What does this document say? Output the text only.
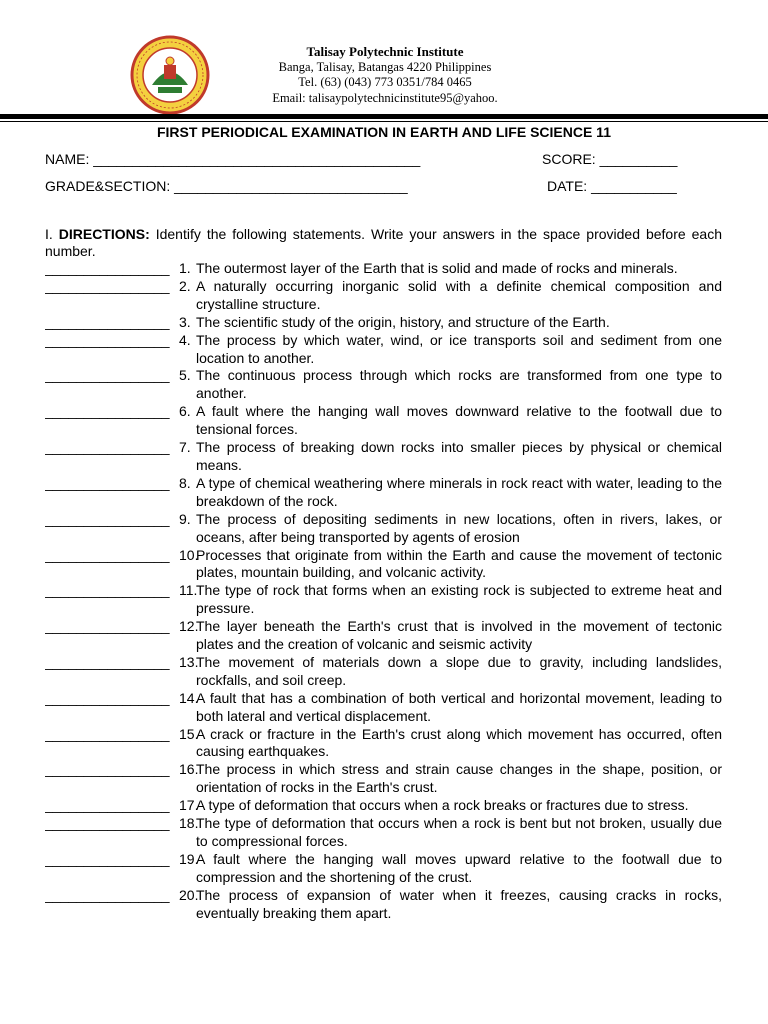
Talisay Polytechnic Institute
Banga, Talisay, Batangas 4220 Philippines
Tel. (63) (043) 773 0351/784 0465
Email: talisaypolytechnicinstitute95@yahoo.
FIRST PERIODICAL EXAMINATION IN EARTH AND LIFE SCIENCE 11
NAME: __________________________________________	SCORE: __________
GRADE&SECTION: ______________________________	DATE: ___________
I. DIRECTIONS: Identify the following statements. Write your answers in the space provided before each number.
________________ 1. The outermost layer of the Earth that is solid and made of rocks and minerals.
________________ 2. A naturally occurring inorganic solid with a definite chemical composition and crystalline structure.
________________ 3. The scientific study of the origin, history, and structure of the Earth.
________________ 4. The process by which water, wind, or ice transports soil and sediment from one location to another.
________________ 5. The continuous process through which rocks are transformed from one type to another.
________________ 6. A fault where the hanging wall moves downward relative to the footwall due to tensional forces.
________________ 7. The process of breaking down rocks into smaller pieces by physical or chemical means.
________________ 8. A type of chemical weathering where minerals in rock react with water, leading to the breakdown of the rock.
________________ 9. The process of depositing sediments in new locations, often in rivers, lakes, or oceans, after being transported by agents of erosion
________________ 10.
Processes that originate from within the Earth and cause the movement of tectonic plates, mountain building, and volcanic activity.
________________ 11.
The type of rock that forms when an existing rock is subjected to extreme heat and pressure.
________________ 12.
The layer beneath the Earth's crust that is involved in the movement of tectonic plates and the creation of volcanic and seismic activity
________________ 13.
The movement of materials down a slope due to gravity, including landslides, rockfalls, and soil creep.
________________ 14.
A fault that has a combination of both vertical and horizontal movement, leading to both lateral and vertical displacement.
________________ 15.
A crack or fracture in the Earth's crust along which movement has occurred, often causing earthquakes.
________________ 16.
The process in which stress and strain cause changes in the shape, position, or orientation of rocks in the Earth's crust.
________________ 17.
A type of deformation that occurs when a rock breaks or fractures due to stress.
________________ 18.
The type of deformation that occurs when a rock is bent but not broken, usually due to compressional forces.
________________ 19.
A fault where the hanging wall moves upward relative to the footwall due to compression and the shortening of the crust.
________________ 20.
The process of expansion of water when it freezes, causing cracks in rocks, eventually breaking them apart.
